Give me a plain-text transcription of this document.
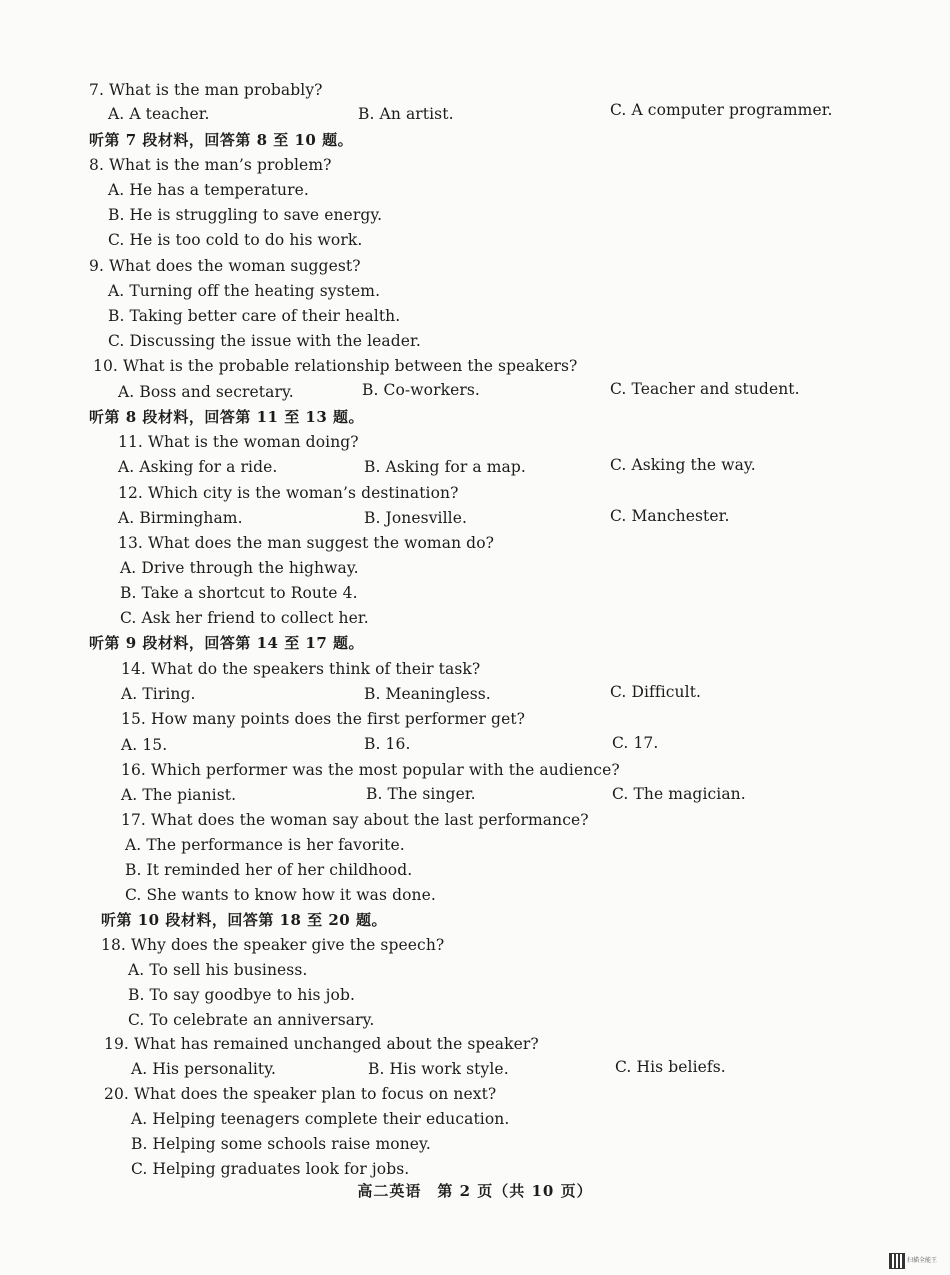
7. What is the man probably?
A. A teacher.	B. An artist.	C. A computer programmer.
听第 7 段材料，回答第 8 至 10 题。
8. What is the man’s problem?
A. He has a temperature.
B. He is struggling to save energy.
C. He is too cold to do his work.
9. What does the woman suggest?
A. Turning off the heating system.
B. Taking better care of their health.
C. Discussing the issue with the leader.
10. What is the probable relationship between the speakers?
A. Boss and secretary.	B. Co-workers.	C. Teacher and student.
听第 8 段材料，回答第 11 至 13 题。
11. What is the woman doing?
A. Asking for a ride.	B. Asking for a map.	C. Asking the way.
12. Which city is the woman’s destination?
A. Birmingham.	B. Jonesville.	C. Manchester.
13. What does the man suggest the woman do?
A. Drive through the highway.
B. Take a shortcut to Route 4.
C. Ask her friend to collect her.
听第 9 段材料，回答第 14 至 17 题。
14. What do the speakers think of their task?
A. Tiring.	B. Meaningless.	C. Difficult.
15. How many points does the first performer get?
A. 15.	B. 16.	C. 17.
16. Which performer was the most popular with the audience?
A. The pianist.	B. The singer.	C. The magician.
17. What does the woman say about the last performance?
A. The performance is her favorite.
B. It reminded her of her childhood.
C. She wants to know how it was done.
听第 10 段材料，回答第 18 至 20 题。
18. Why does the speaker give the speech?
A. To sell his business.
B. To say goodbye to his job.
C. To celebrate an anniversary.
19. What has remained unchanged about the speaker?
A. His personality.	B. His work style.	C. His beliefs.
20. What does the speaker plan to focus on next?
A. Helping teenagers complete their education.
B. Helping some schools raise money.
C. Helping graduates look for jobs.
高二英语　第 2 页（共 10 页）
扫描全能王
